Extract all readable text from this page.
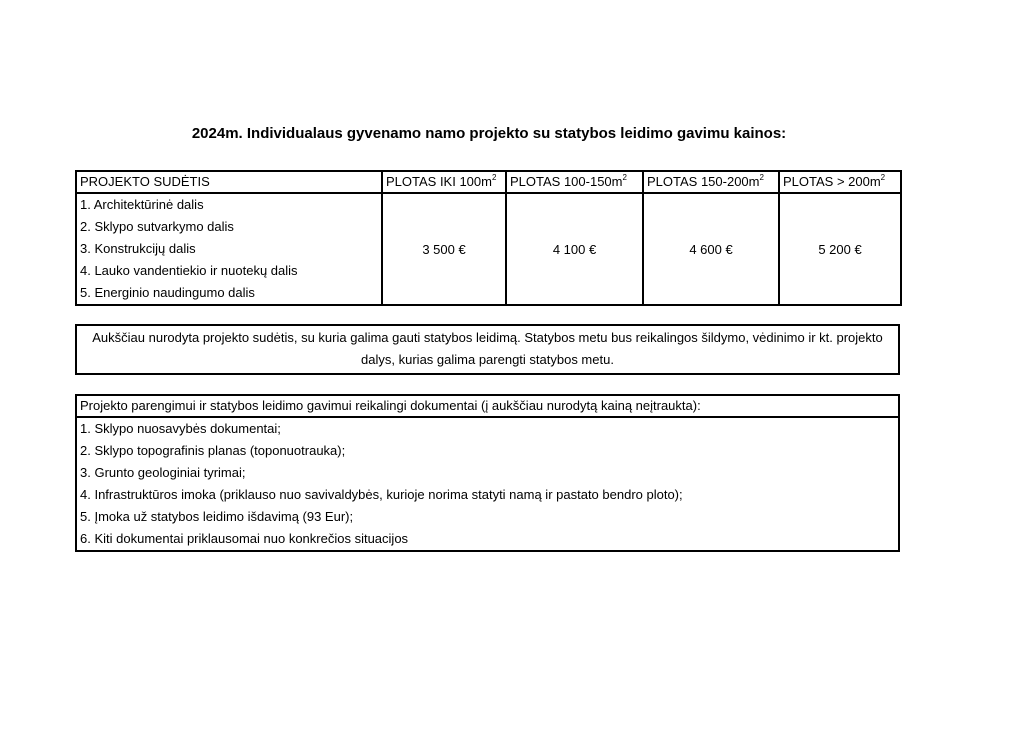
2024m. Individualaus gyvenamo namo projekto su statybos leidimo gavimu kainos:
PROJEKTO SUDĖTIS	PLOTAS IKI $100m^2$	PLOTAS $100-150m^2$	PLOTAS $150-200m^2$	PLOTAS > $200m^2$

1. Architektūrinė dalis
2. Sklypo sutvarkymo dalis
3. Konstrukcijų dalis
4. Lauko vandentiekio ir nuotekų dalis
5. Energinio naudingumo dalis	3 500 €	4 100 €	4 600 €	5 200 €
Aukščiau nurodyta projekto sudėtis, su kuria galima gauti statybos leidimą. Statybos metu bus reikalingos šildymo, vėdinimo ir kt. projekto dalys, kurias galima parengti statybos metu.
Projekto parengimui ir statybos leidimo gavimui reikalingi dokumentai (į aukščiau nurodytą kainą neįtraukta):
1. Sklypo nuosavybės dokumentai;
2. Sklypo topografinis planas (toponuotrauka);
3. Grunto geologiniai tyrimai;
4. Infrastruktūros imoka (priklauso nuo savivaldybės, kurioje norima statyti namą ir pastato bendro ploto);
5. Įmoka už statybos leidimo išdavimą (93 Eur);
6. Kiti dokumentai priklausomai nuo konkrečios situacijos
